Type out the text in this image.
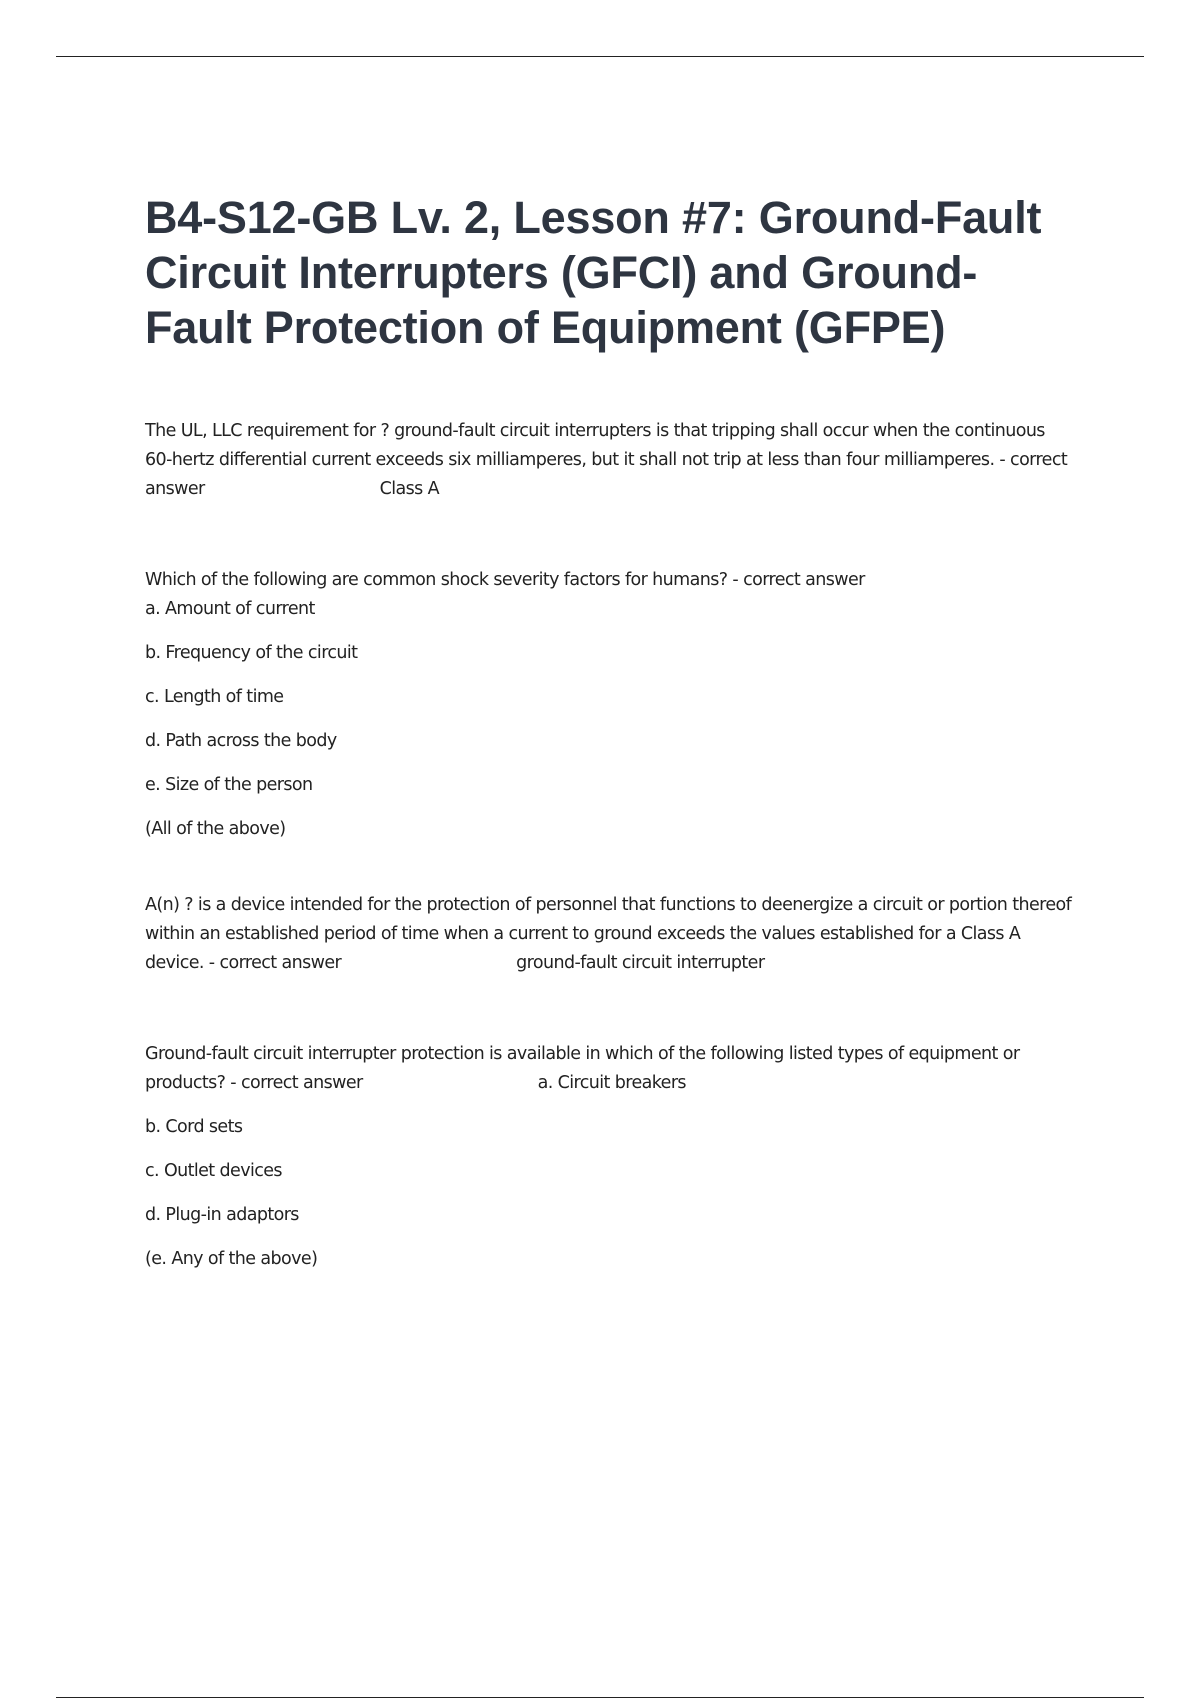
B4-S12-GB Lv. 2, Lesson #7: Ground-Fault Circuit Interrupters (GFCI) and Ground-Fault Protection of Equipment (GFPE)

The UL, LLC requirement for ? ground-fault circuit interrupters is that tripping shall occur when the continuous 60-hertz differential current exceeds six milliamperes, but it shall not trip at less than four milliamperes. - correct answer	Class A

Which of the following are common shock severity factors for humans? - correct answer

a. Amount of current

b. Frequency of the circuit

c. Length of time

d. Path across the body

e. Size of the person

(All of the above)

A(n) ? is a device intended for the protection of personnel that functions to deenergize a circuit or portion thereof within an established period of time when a current to ground exceeds the values established for a Class A device. - correct answer	ground-fault circuit interrupter

Ground-fault circuit interrupter protection is available in which of the following listed types of equipment or products? - correct answer	a. Circuit breakers

b. Cord sets

c. Outlet devices

d. Plug-in adaptors

(e. Any of the above)
